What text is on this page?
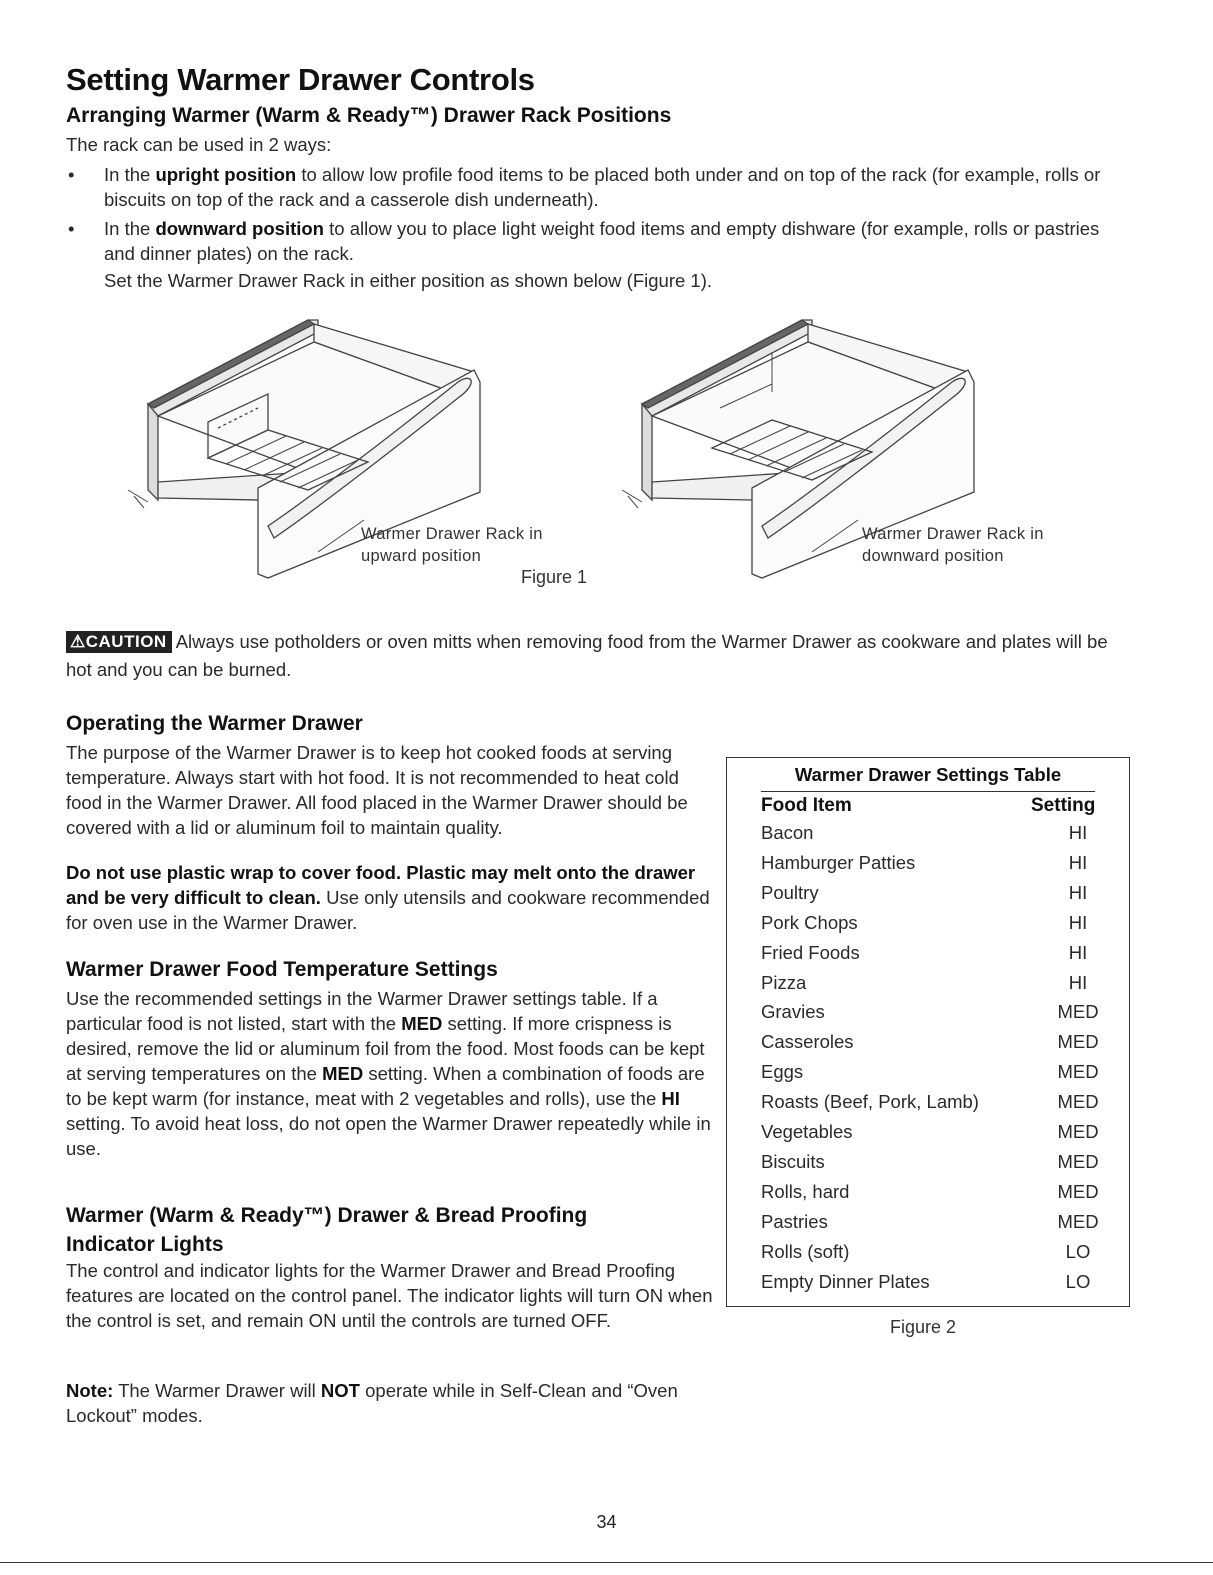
Setting Warmer Drawer Controls
Arranging Warmer (Warm & Ready™) Drawer Rack Positions
The rack can be used in 2 ways:
• In the upright position to allow low profile food items to be placed both under and on top of the rack (for example, rolls or biscuits on top of the rack and a casserole dish underneath).
• In the downward position to allow you to place light weight food items and empty dishware (for example, rolls or pastries and dinner plates) on the rack.
Set the Warmer Drawer Rack in either position as shown below (Figure 1).
Warmer Drawer Rack in
upward position
Figure 1
Warmer Drawer Rack in
downward position
⚠CAUTION Always use potholders or oven mitts when removing food from the Warmer Drawer as cookware and plates will be hot and you can be burned.
Operating the Warmer Drawer
The purpose of the Warmer Drawer is to keep hot cooked foods at serving temperature. Always start with hot food. It is not recommended to heat cold food in the Warmer Drawer. All food placed in the Warmer Drawer should be covered with a lid or aluminum foil to maintain quality.
Do not use plastic wrap to cover food. Plastic may melt onto the drawer and be very difficult to clean. Use only utensils and cookware recommended for oven use in the Warmer Drawer.
Warmer Drawer Food Temperature Settings
Use the recommended settings in the Warmer Drawer settings table. If a particular food is not listed, start with the MED setting. If more crispness is desired, remove the lid or aluminum foil from the food. Most foods can be kept at serving temperatures on the MED setting. When a combination of foods are to be kept warm (for instance, meat with 2 vegetables and rolls), use the HI setting. To avoid heat loss, do not open the Warmer Drawer repeatedly while in use.
Warmer (Warm & Ready™) Drawer & Bread Proofing
Indicator Lights
The control and indicator lights for the Warmer Drawer and Bread Proofing features are located on the control panel. The indicator lights will turn ON when the control is set, and remain ON until the controls are turned OFF.
Note: The Warmer Drawer will NOT operate while in Self-Clean and “Oven Lockout” modes.
Warmer Drawer Settings Table
Food Item	Setting
Bacon	HI
Hamburger Patties	HI
Poultry	HI
Pork Chops	HI
Fried Foods	HI
Pizza	HI
Gravies	MED
Casseroles	MED
Eggs	MED
Roasts (Beef, Pork, Lamb)	MED
Vegetables	MED
Biscuits	MED
Rolls, hard	MED
Pastries	MED
Rolls (soft)	LO
Empty Dinner Plates	LO
Figure 2
34
